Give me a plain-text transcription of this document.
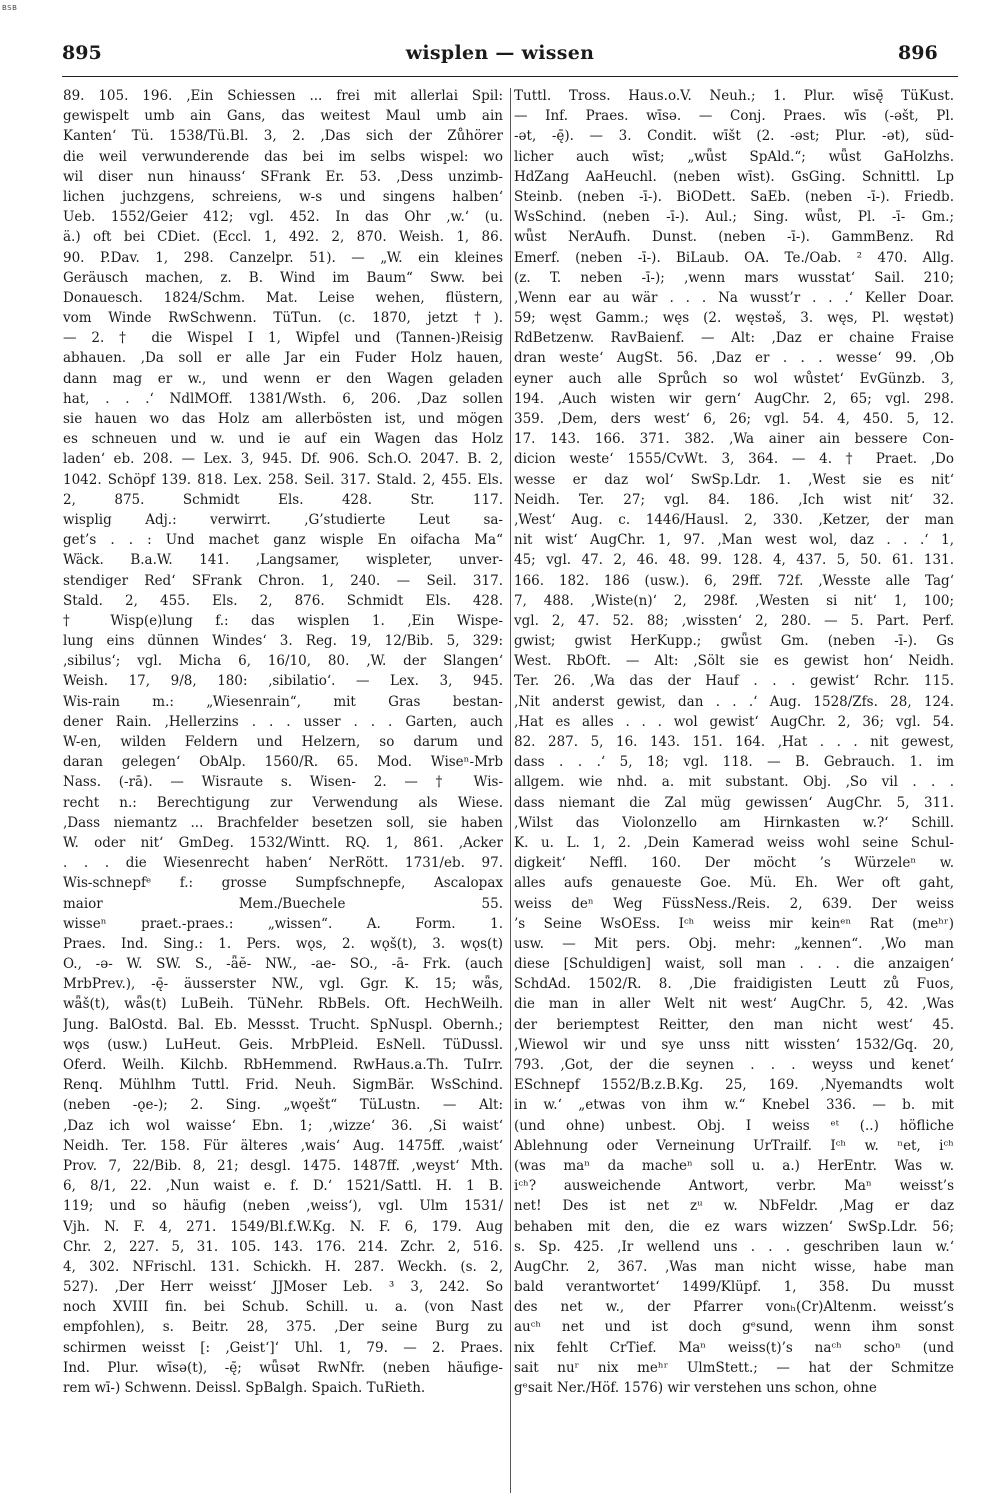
BSB
895	wisplen — wissen	896
89. 105. 196. ‚Ein Schiessen ... frei mit allerlai Spil:
gewispelt umb ain Gans, das weitest Maul umb ain
Kanten‘ Tü. 1538/Tü.Bl. 3, 2. ‚Das sich der Zůhörer
die weil verwunderende das bei im selbs wispel: wo
wil diser nun hinauss‘ SFrank Er. 53. ‚Dess unzimb-
lichen juchzgens, schreiens, w-s und singens halben‘
Ueb. 1552/Geier 412; vgl. 452. In das Ohr ‚w.‘ (u.
ä.) oft bei CDiet. (Eccl. 1, 492. 2, 870. Weish. 1, 86.
90. P.Dav. 1, 298. Canzelpr. 51). — „W. ein kleines
Geräusch machen, z. B. Wind im Baum“ Sww. bei
Donauesch. 1824/Schm. Mat. Leise wehen, flüstern,
vom Winde RwSchwenn. TüTun. (c. 1870, jetzt †).
— 2. † die Wispel I 1, Wipfel und (Tannen-)Reisig
abhauen. ‚Da soll er alle Jar ein Fuder Holz hauen,
dann mag er w., und wenn er den Wagen geladen
hat, . . .‘ NdlMOff. 1381/Wsth. 6, 206. ‚Daz sollen
sie hauen wo das Holz am allerbösten ist, und mögen
es schneuen und w. und ie auf ein Wagen das Holz
laden‘ eb. 208. — Lex. 3, 945. Df. 906. Sch.O. 2047. B. 2,
1042. Schöpf 139. 818. Lex. 258. Seil. 317. Stald. 2, 455. Els.
2, 875. Schmidt Els. 428. Str. 117.
wisplig Adj.: verwirrt. ‚G’studierte Leut sa-
get’s . . : Und machet ganz wisple En oifacha Ma“
Wäck. B.a.W. 141. ‚Langsamer, wispleter, unver-
stendiger Red‘ SFrank Chron. 1, 240. — Seil. 317.
Stald. 2, 455. Els. 2, 876. Schmidt Els. 428.
† Wisp(e)lung f.: das wisplen 1. ‚Ein Wispe-
lung eins dünnen Windes‘ 3. Reg. 19, 12/Bib. 5, 329:
‚sibilus‘; vgl. Micha 6, 16/10, 80. ‚W. der Slangen‘
Weish. 17, 9/8, 180: ‚sibilatio‘. — Lex. 3, 945.
Wis-rain m.: „Wiesenrain“, mit Gras bestan-
dener Rain. ‚Hellerzins . . . usser . . . Garten, auch
W-en, wilden Feldern und Helzern, so darum und
daran gelegen‘ ObAlp. 1560/R. 65. Mod. Wiseⁿ-Mrb
Nass. (-rā). — Wisraute s. Wisen- 2. — † Wis-
recht n.: Berechtigung zur Verwendung als Wiese.
‚Dass niemantz ... Brachfelder besetzen soll, sie haben
W. oder nit‘ GmDeg. 1532/Wintt. RQ. 1, 861. ‚Acker
. . . die Wiesenrecht haben‘ NerRött. 1731/eb. 97.
Wis-schnepfᵉ f.: grosse Sumpfschnepfe, Ascalopax
maior Mem./Buechele 55.
wisseⁿ praet.-praes.: „wissen“. A. Form. 1.
Praes. Ind. Sing.: 1. Pers. wǫs, 2. wǫš(t), 3. wǫs(t)
O., -ǝ- W. SW. S., -ǟĕ- NW., -ae- SO., -ā- Frk. (auch
MrbPrev.), -ę̄- äusserster NW., vgl. Ggr. K. 15; wǟs,
wǟš(t), wǟs(t) LuBeih. TüNehr. RbBels. Oft. HechWeilh.
Jung. BalOstd. Bal. Eb. Messst. Trucht. SpNuspl. Obernh.;
wǫs (usw.) LuHeut. Geis. MrbPleid. EsNell. TüDussl.
Oferd. Weilh. Kilchb. RbHemmend. RwHaus.a.Th. TuIrr.
Renq. Mühlhm Tuttl. Frid. Neuh. SigmBär. WsSchind.
(neben -ǫe-); 2. Sing. „wǫešt“ TüLustn. — Alt:
‚Daz ich wol waisse‘ Ebn. 1; ‚wizze‘ 36. ‚Si waist‘
Neidh. Ter. 158. Für älteres ‚wais‘ Aug. 1475ff. ‚waist‘
Prov. 7, 22/Bib. 8, 21; desgl. 1475. 1487ff. ‚weyst‘ Mth.
6, 8/1, 22. ‚Nun waist e. f. D.‘ 1521/Sattl. H. 1 B.
119; und so häufig (neben ‚weiss‘), vgl. Ulm 1531/
Vjh. N. F. 4, 271. 1549/Bl.f.W.Kg. N. F. 6, 179. Aug
Chr. 2, 227. 5, 31. 105. 143. 176. 214. Zchr. 2, 516.
4, 302. NFrischl. 131. Schickh. H. 287. Weckh. (s. 2,
527). ‚Der Herr weisst‘ JJMoser Leb. ³ 3, 242. So
noch XVIII fin. bei Schub. Schill. u. a. (von Nast
empfohlen), s. Beitr. 28, 375. ‚Der seine Burg zu
schirmen weisst [: ‚Geist‘]‘ Uhl. 1, 79. — 2. Praes.
Ind. Plur. wīsǝ(t), -ę̄; wǖsǝt RwNfr. (neben häufige-
rem wī-) Schwenn. Deissl. SpBalgh. Spaich. TuRieth.
Tuttl. Tross. Haus.o.V. Neuh.; 1. Plur. wīsę̄ TüKust.
— Inf. Praes. wīsǝ. — Conj. Praes. wīs (-ǝšt, Pl.
-ǝt, -ę̄). — 3. Condit. wīšt (2. -ǝst; Plur. -ǝt), süd-
licher auch wīst; „wǖst SpAld.“; wǖst GaHolzhs.
HdZang AaHeuchl. (neben wīst). GsGing. Schnittl. Lp
Steinb. (neben -ī-). BiODett. SaEb. (neben -ī-). Friedb.
WsSchind. (neben -ī-). Aul.; Sing. wǖst, Pl. -ī- Gm.;
wǖst NerAufh. Dunst. (neben -ī-). GammBenz. Rd
Emerf. (neben -ī-). BiLaub. OA. Te./Oab. ² 470. Allg.
(z. T. neben -ī-); ‚wenn mars wusstat‘ Sail. 210;
‚Wenn ear au wär . . . Na wusst’r . . .‘ Keller Doar.
59; węst Gamm.; węs (2. węstǝš, 3. węs, Pl. węstǝt)
RdBetzenw. RavBaienf. — Alt: ‚Daz er chaine Fraise
dran weste‘ AugSt. 56. ‚Daz er . . . wesse‘ 99. ‚Ob
eyner auch alle Sprůch so wol wůstet‘ EvGünzb. 3,
194. ‚Auch wisten wir gern‘ AugChr. 2, 65; vgl. 298.
359. ‚Dem, ders west‘ 6, 26; vgl. 54. 4, 450. 5, 12.
17. 143. 166. 371. 382. ‚Wa ainer ain bessere Con-
dicion weste‘ 1555/CvWt. 3, 364. — 4. † Praet. ‚Do
wesse er daz wol‘ SwSp.Ldr. 1. ‚West sie es nit‘
Neidh. Ter. 27; vgl. 84. 186. ‚Ich wist nit‘ 32.
‚West‘ Aug. c. 1446/Hausl. 2, 330. ‚Ketzer, der man
nit wist‘ AugChr. 1, 97. ‚Man west wol, daz . . .‘ 1,
45; vgl. 47. 2, 46. 48. 99. 128. 4, 437. 5, 50. 61. 131.
166. 182. 186 (usw.). 6, 29ff. 72f. ‚Wesste alle Tag‘
7, 488. ‚Wiste(n)‘ 2, 298f. ‚Westen si nit‘ 1, 100;
vgl. 2, 47. 52. 88; ‚wissten‘ 2, 280. — 5. Part. Perf.
gwist; gwist HerKupp.; gwǖst Gm. (neben -ī-). Gs
West. RbOft. — Alt: ‚Sölt sie es gewist hon‘ Neidh.
Ter. 26. ‚Wa das der Hauf . . . gewist‘ Rchr. 115.
‚Nit anderst gewist, dan . . .‘ Aug. 1528/Zfs. 28, 124.
‚Hat es alles . . . wol gewist‘ AugChr. 2, 36; vgl. 54.
82. 287. 5, 16. 143. 151. 164. ‚Hat . . . nit gewest,
dass . . .‘ 5, 18; vgl. 118. — B. Gebrauch. 1. im
allgem. wie nhd. a. mit substant. Obj. ‚So vil . . .
dass niemant die Zal müg gewissen‘ AugChr. 5, 311.
‚Wilst das Violonzello am Hirnkasten w.?‘ Schill.
K. u. L. 1, 2. ‚Dein Kamerad weiss wohl seine Schul-
digkeit‘ Neffl. 160. Der möcht ’s Würzeleⁿ w.
alles aufs genaueste Goe. Mü. Eh. Wer oft gaht,
weiss deⁿ Weg FüssNess./Reis. 2, 639. Der weiss
’s Seine WsOEss. Iᶜʰ weiss mir keinᵉⁿ Rat (meʰʳ)
usw. — Mit pers. Obj. mehr: „kennen“. ‚Wo man
diese [Schuldigen] waist, soll man . . . die anzaigen‘
SchdAd. 1502/R. 8. ‚Die fraidigisten Leutt zů Fuos,
die man in aller Welt nit west‘ AugChr. 5, 42. ‚Was
der beriemptest Reitter, den man nicht west‘ 45.
‚Wiewol wir und sye unss nitt wissten‘ 1532/Gq. 20,
793. ‚Got, der die seynen . . . weyss und kenet‘
ESchnepf 1552/B.z.B.Kg. 25, 169. ‚Nyemandts wolt
in w.‘ „etwas von ihm w.“ Knebel 336. — b. mit
(und ohne) unbest. Obj. I weiss ᵉᵗ (..) höfliche
Ablehnung oder Verneinung UrTrailf. Iᶜʰ w. ⁿet, iᶜʰ
(was maⁿ da macheⁿ soll u. a.) HerEntr. Was w.
iᶜʰ? ausweichende Antwort, verbr. Maⁿ weisst’s
net! Des ist net zᵘ w. NbFeldr. ‚Mag er daz
behaben mit den, die ez wars wizzen‘ SwSp.Ldr. 56;
s. Sp. 425. ‚Ir wellend uns . . . geschriben laun w.‘
AugChr. 2, 367. ‚Was man nicht wisse, habe man
bald verantwortet‘ 1499/Klüpf. 1, 358. Du musst
des net w., der Pfarrer vonₕ(Cr)Altenm. weisst’s
auᶜʰ net und ist doch gᵉsund, wenn ihm sonst
nix fehlt CrTief. Maⁿ weiss(t)’s naᶜʰ schoⁿ (und
sait nuʳ nix meʰʳ UlmStett.; — hat der Schmitze
gᵉsait Ner./Höf. 1576) wir verstehen uns schon, ohne
